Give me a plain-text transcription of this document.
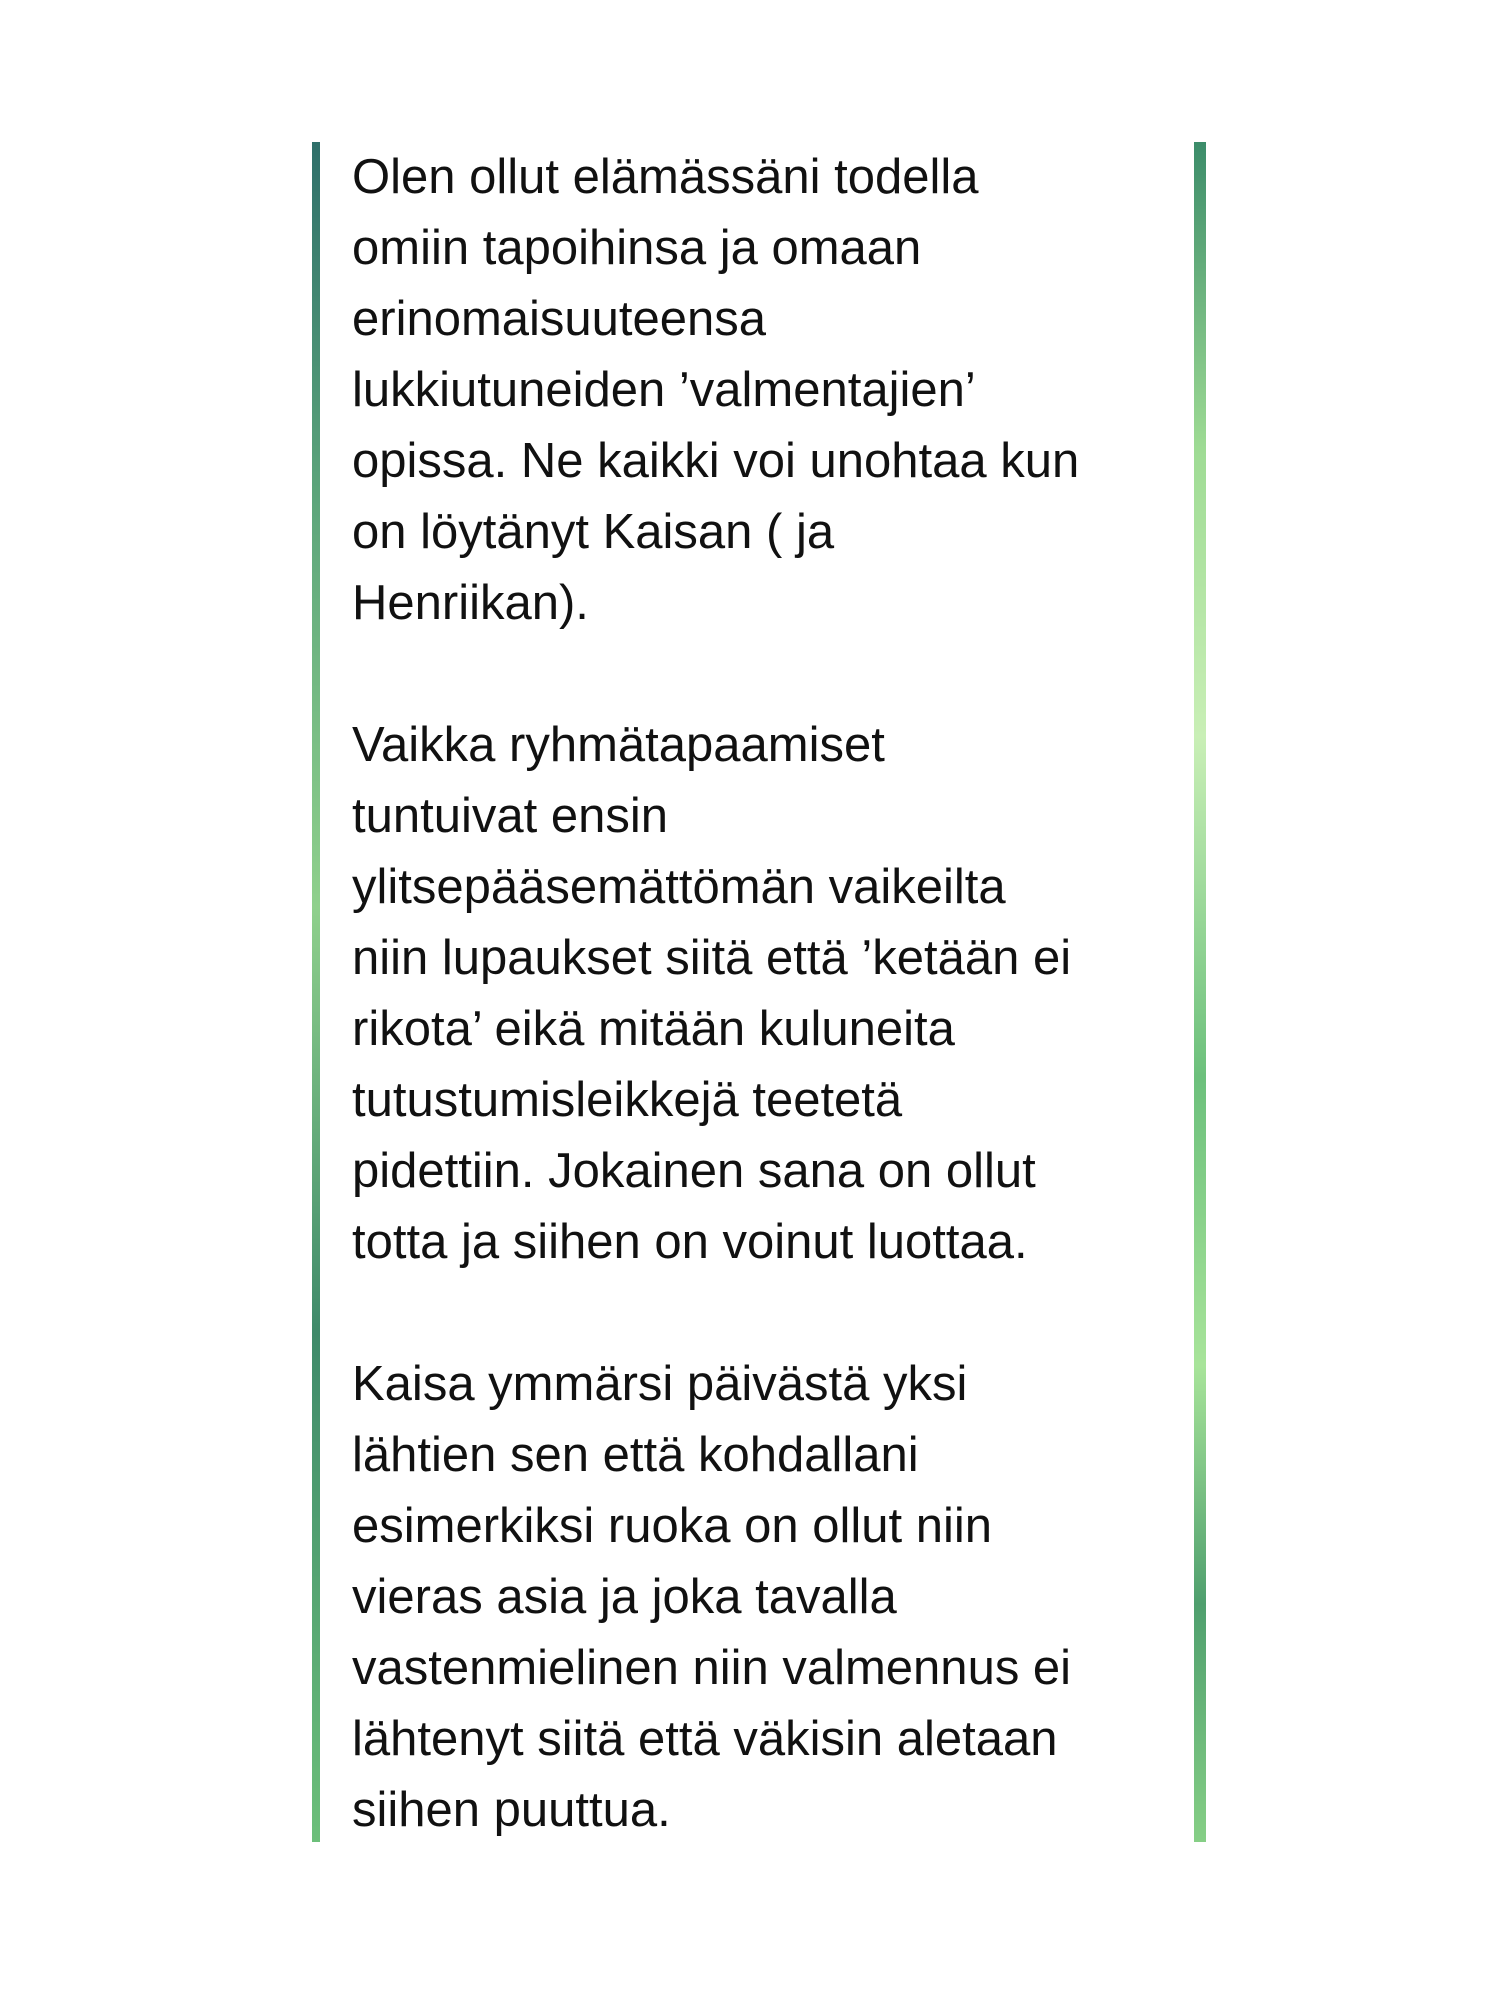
Olen ollut elämässäni todella
omiin tapoihinsa ja omaan
erinomaisuuteensa
lukkiutuneiden ’valmentajien’
opissa. Ne kaikki voi unohtaa kun
on löytänyt Kaisan ( ja
Henriikan).

Vaikka ryhmätapaamiset
tuntuivat ensin
ylitsepääsemättömän vaikeilta
niin lupaukset siitä että ’ketään ei
rikota’ eikä mitään kuluneita
tutustumisleikkejä teetetä
pidettiin. Jokainen sana on ollut
totta ja siihen on voinut luottaa.

Kaisa ymmärsi päivästä yksi
lähtien sen että kohdallani
esimerkiksi ruoka on ollut niin
vieras asia ja joka tavalla
vastenmielinen niin valmennus ei
lähtenyt siitä että väkisin aletaan
siihen puuttua.
